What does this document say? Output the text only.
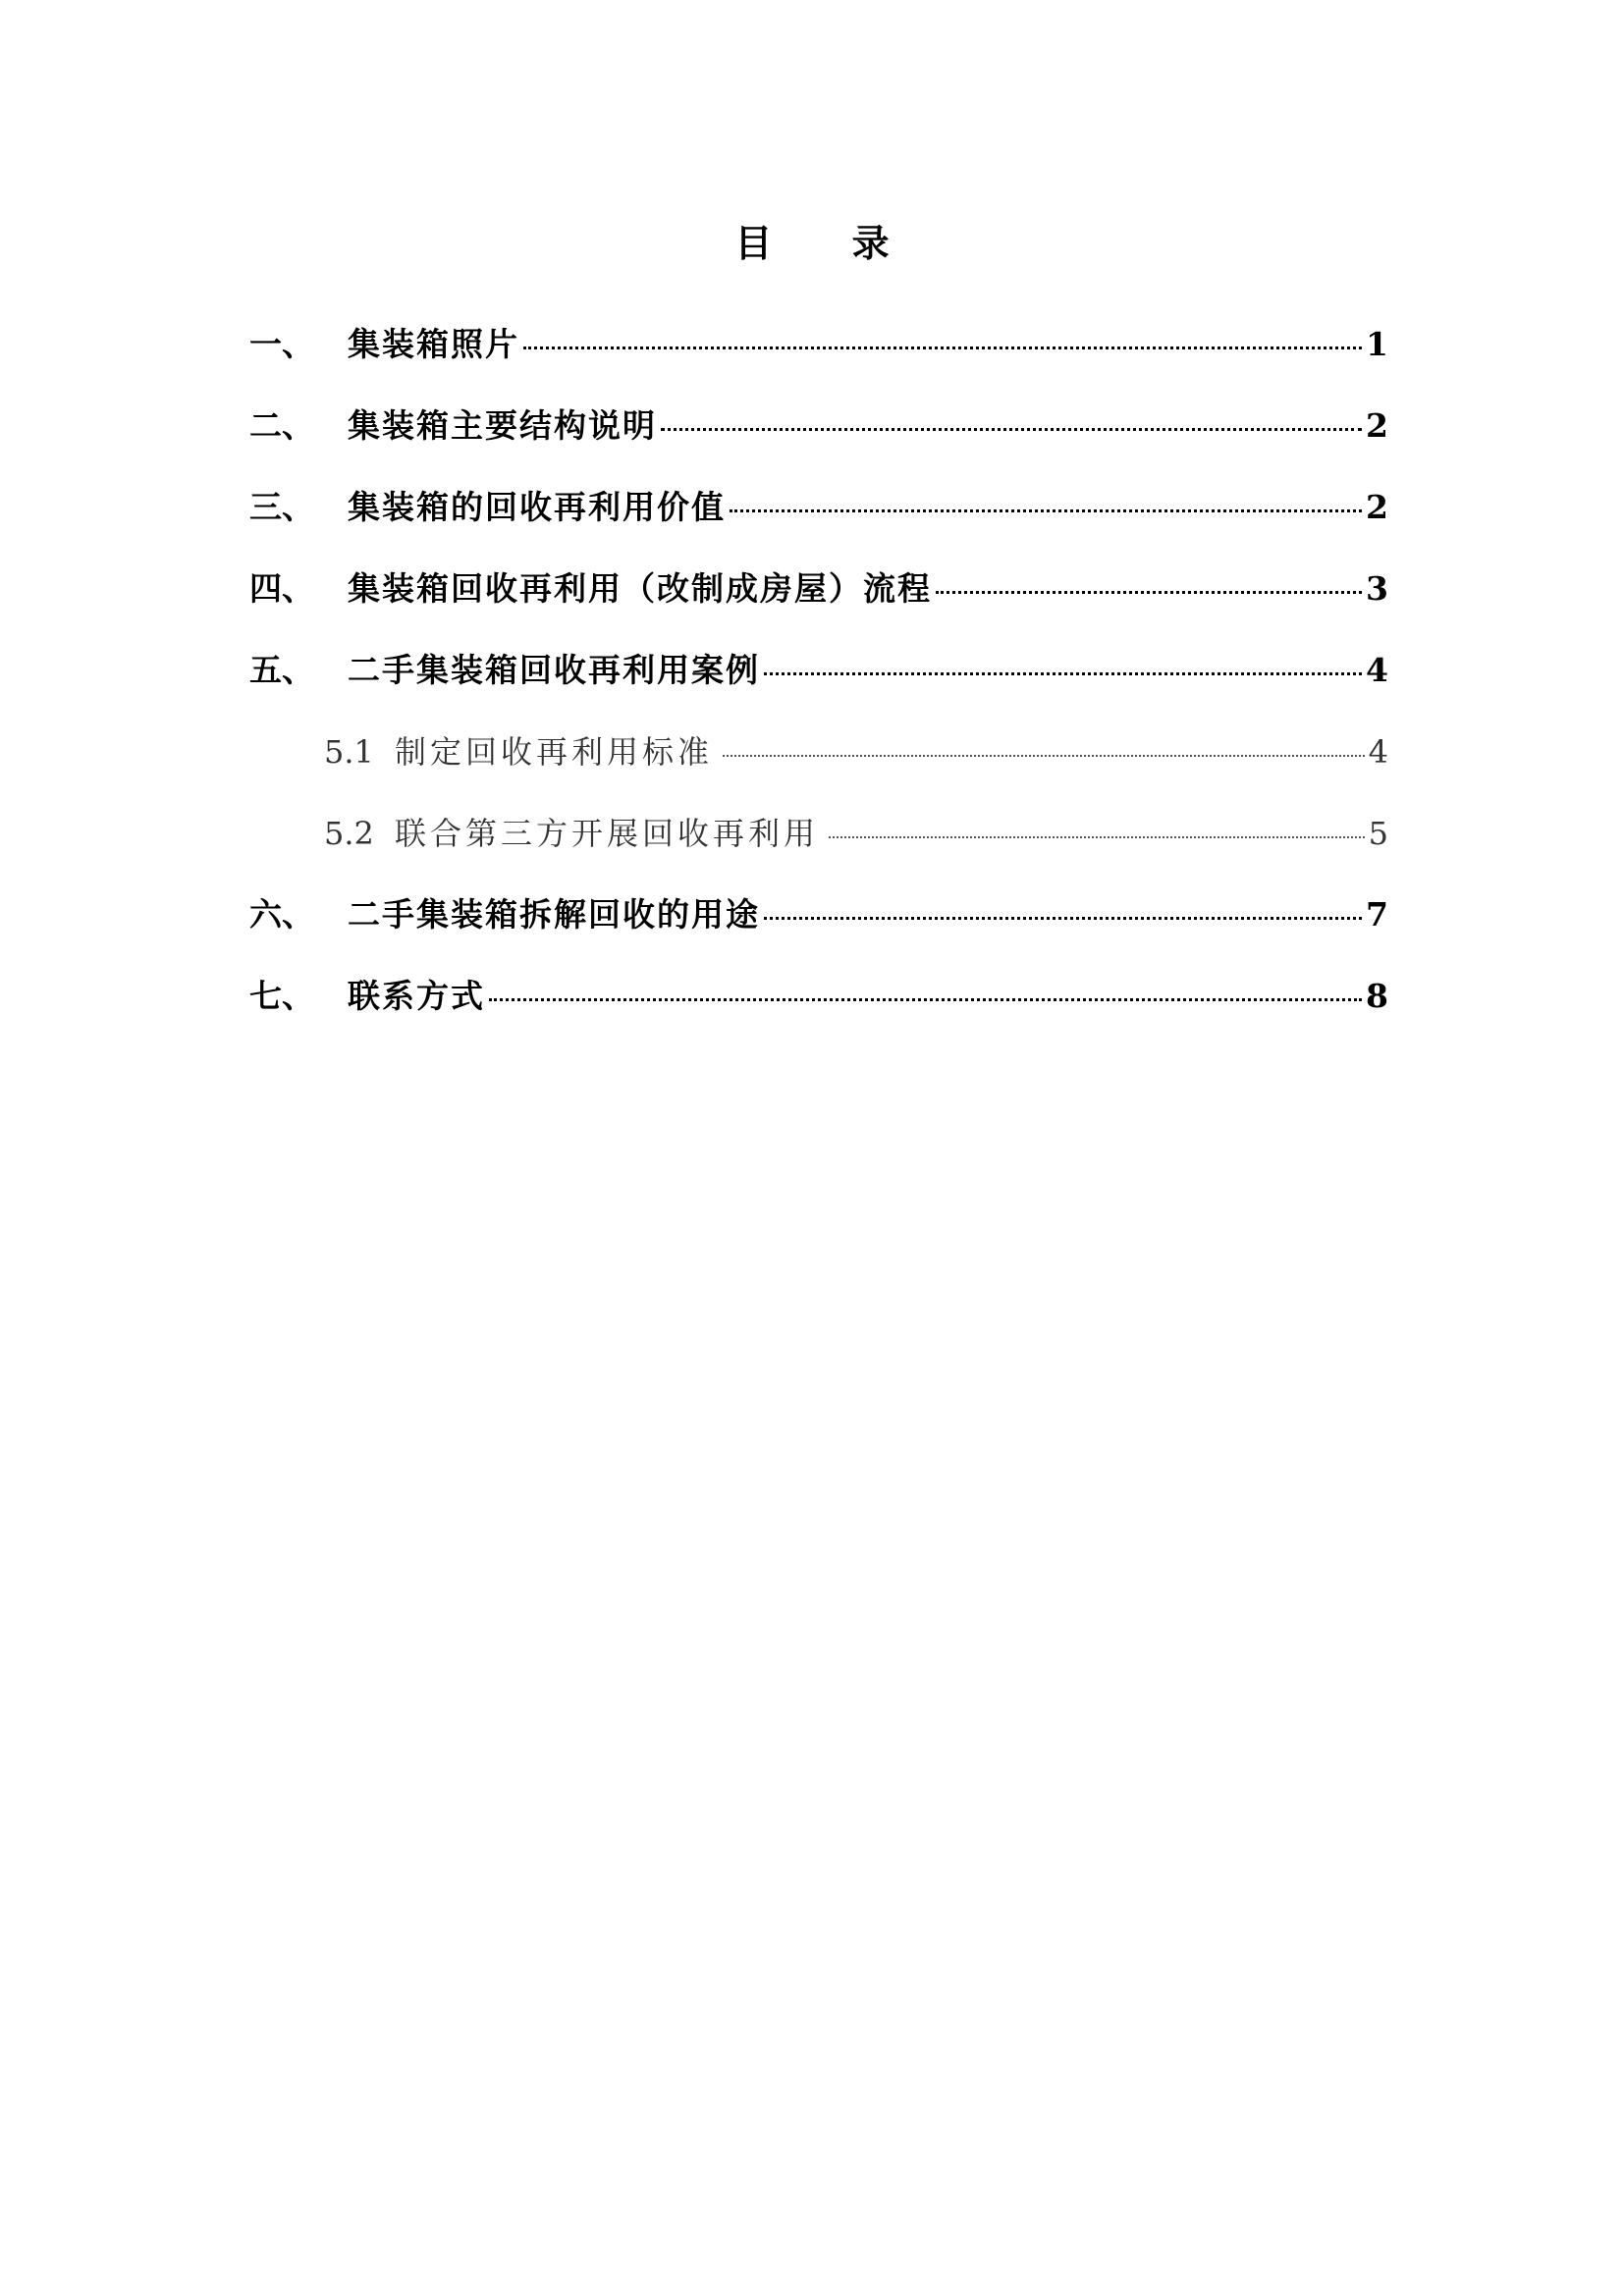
目 录
一、	集装箱照片	1
二、	集装箱主要结构说明	2
三、	集装箱的回收再利用价值	2
四、	集装箱回收再利用（改制成房屋）流程	3
五、	二手集装箱回收再利用案例	4
5.1 制定回收再利用标准	4
5.2 联合第三方开展回收再利用	5
六、	二手集装箱拆解回收的用途	7
七、	联系方式	8
